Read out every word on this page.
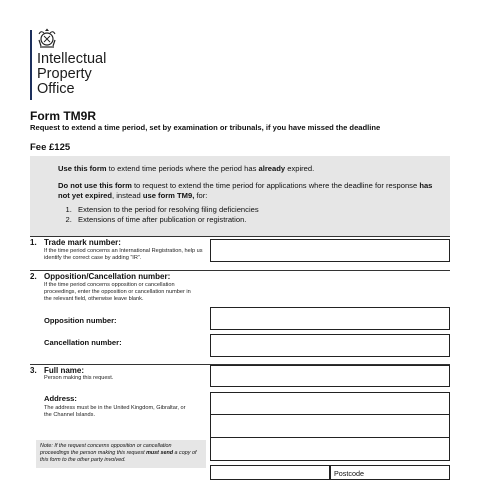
Intellectual
Property
Office
Form TM9R
Request to extend a time period, set by examination or tribunals, if you have missed the deadline
Fee £125
Use this form to extend time periods where the period has already expired.
Do not use this form to request to extend the time period for applications where the deadline for response has not yet expired, instead use form TM9, for:
1. Extension to the period for resolving filing deficiencies
2. Extensions of time after publication or registration.
1. Trade mark number:
If the time period concerns an International Registration, help us identify the correct case by adding “IR”.
2. Opposition/Cancellation number:
If the time period concerns opposition or cancellation proceedings, enter the opposition or cancellation number in the relevant field, otherwise leave blank.
Opposition number:
Cancellation number:
3. Full name:
Person making this request.
Address:
The address must be in the United Kingdom, Gibraltar, or the Channel Islands.
Postcode
Note: If the request concerns opposition or cancellation proceedings the person making this request must send a copy of this form to the other party involved.
